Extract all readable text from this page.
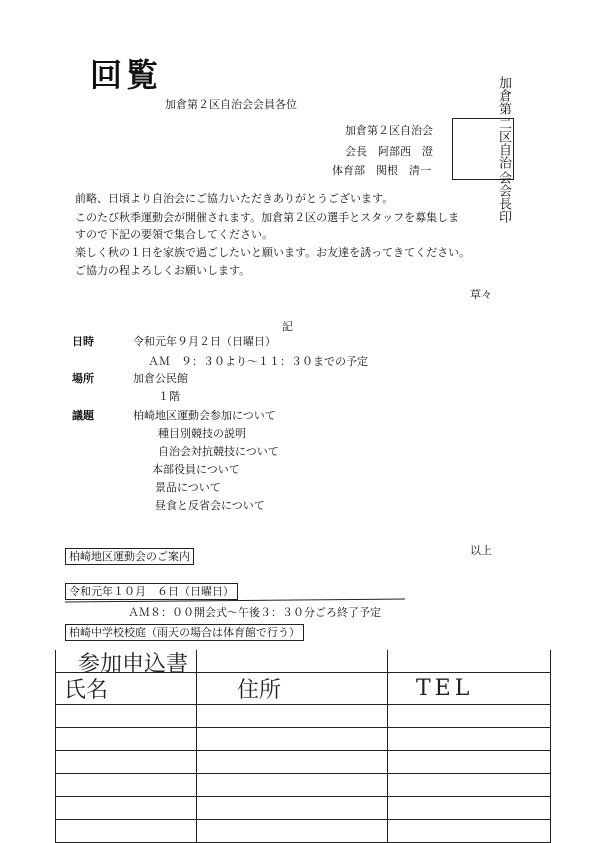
回覧
加倉第２区自治会会員各位
加倉第２区自治会
会長　阿部西　澄
体育部　関根　清一
加倉第
二区自治
会会長印
前略、日頃より自治会にご協力いただきありがとうございます。
このたび秋季運動会が開催されます。加倉第２区の選手とスタッフを募集しま
すので下記の要領で集合してください。
楽しく秋の１日を家族で過ごしたいと願います。お友達を誘ってきてください。
ご協力の程よろしくお願いします。
草々
記
日時	令和元年９月２日（日曜日）
ＡＭ　９：３０より～１１：３０までの予定
場所	加倉公民館
１階
議題	柏崎地区運動会参加について
種目別競技の説明
自治会対抗競技について
本部役員について
景品について
昼食と反省会について
以上
柏崎地区運動会のご案内
令和元年１０月　６日（日曜日）
ＡＭ８：００開会式～午後３：３０分ごろ終了予定
柏崎中学校校庭（雨天の場合は体育館で行う）
参加申込書

氏名	住所	TEL
